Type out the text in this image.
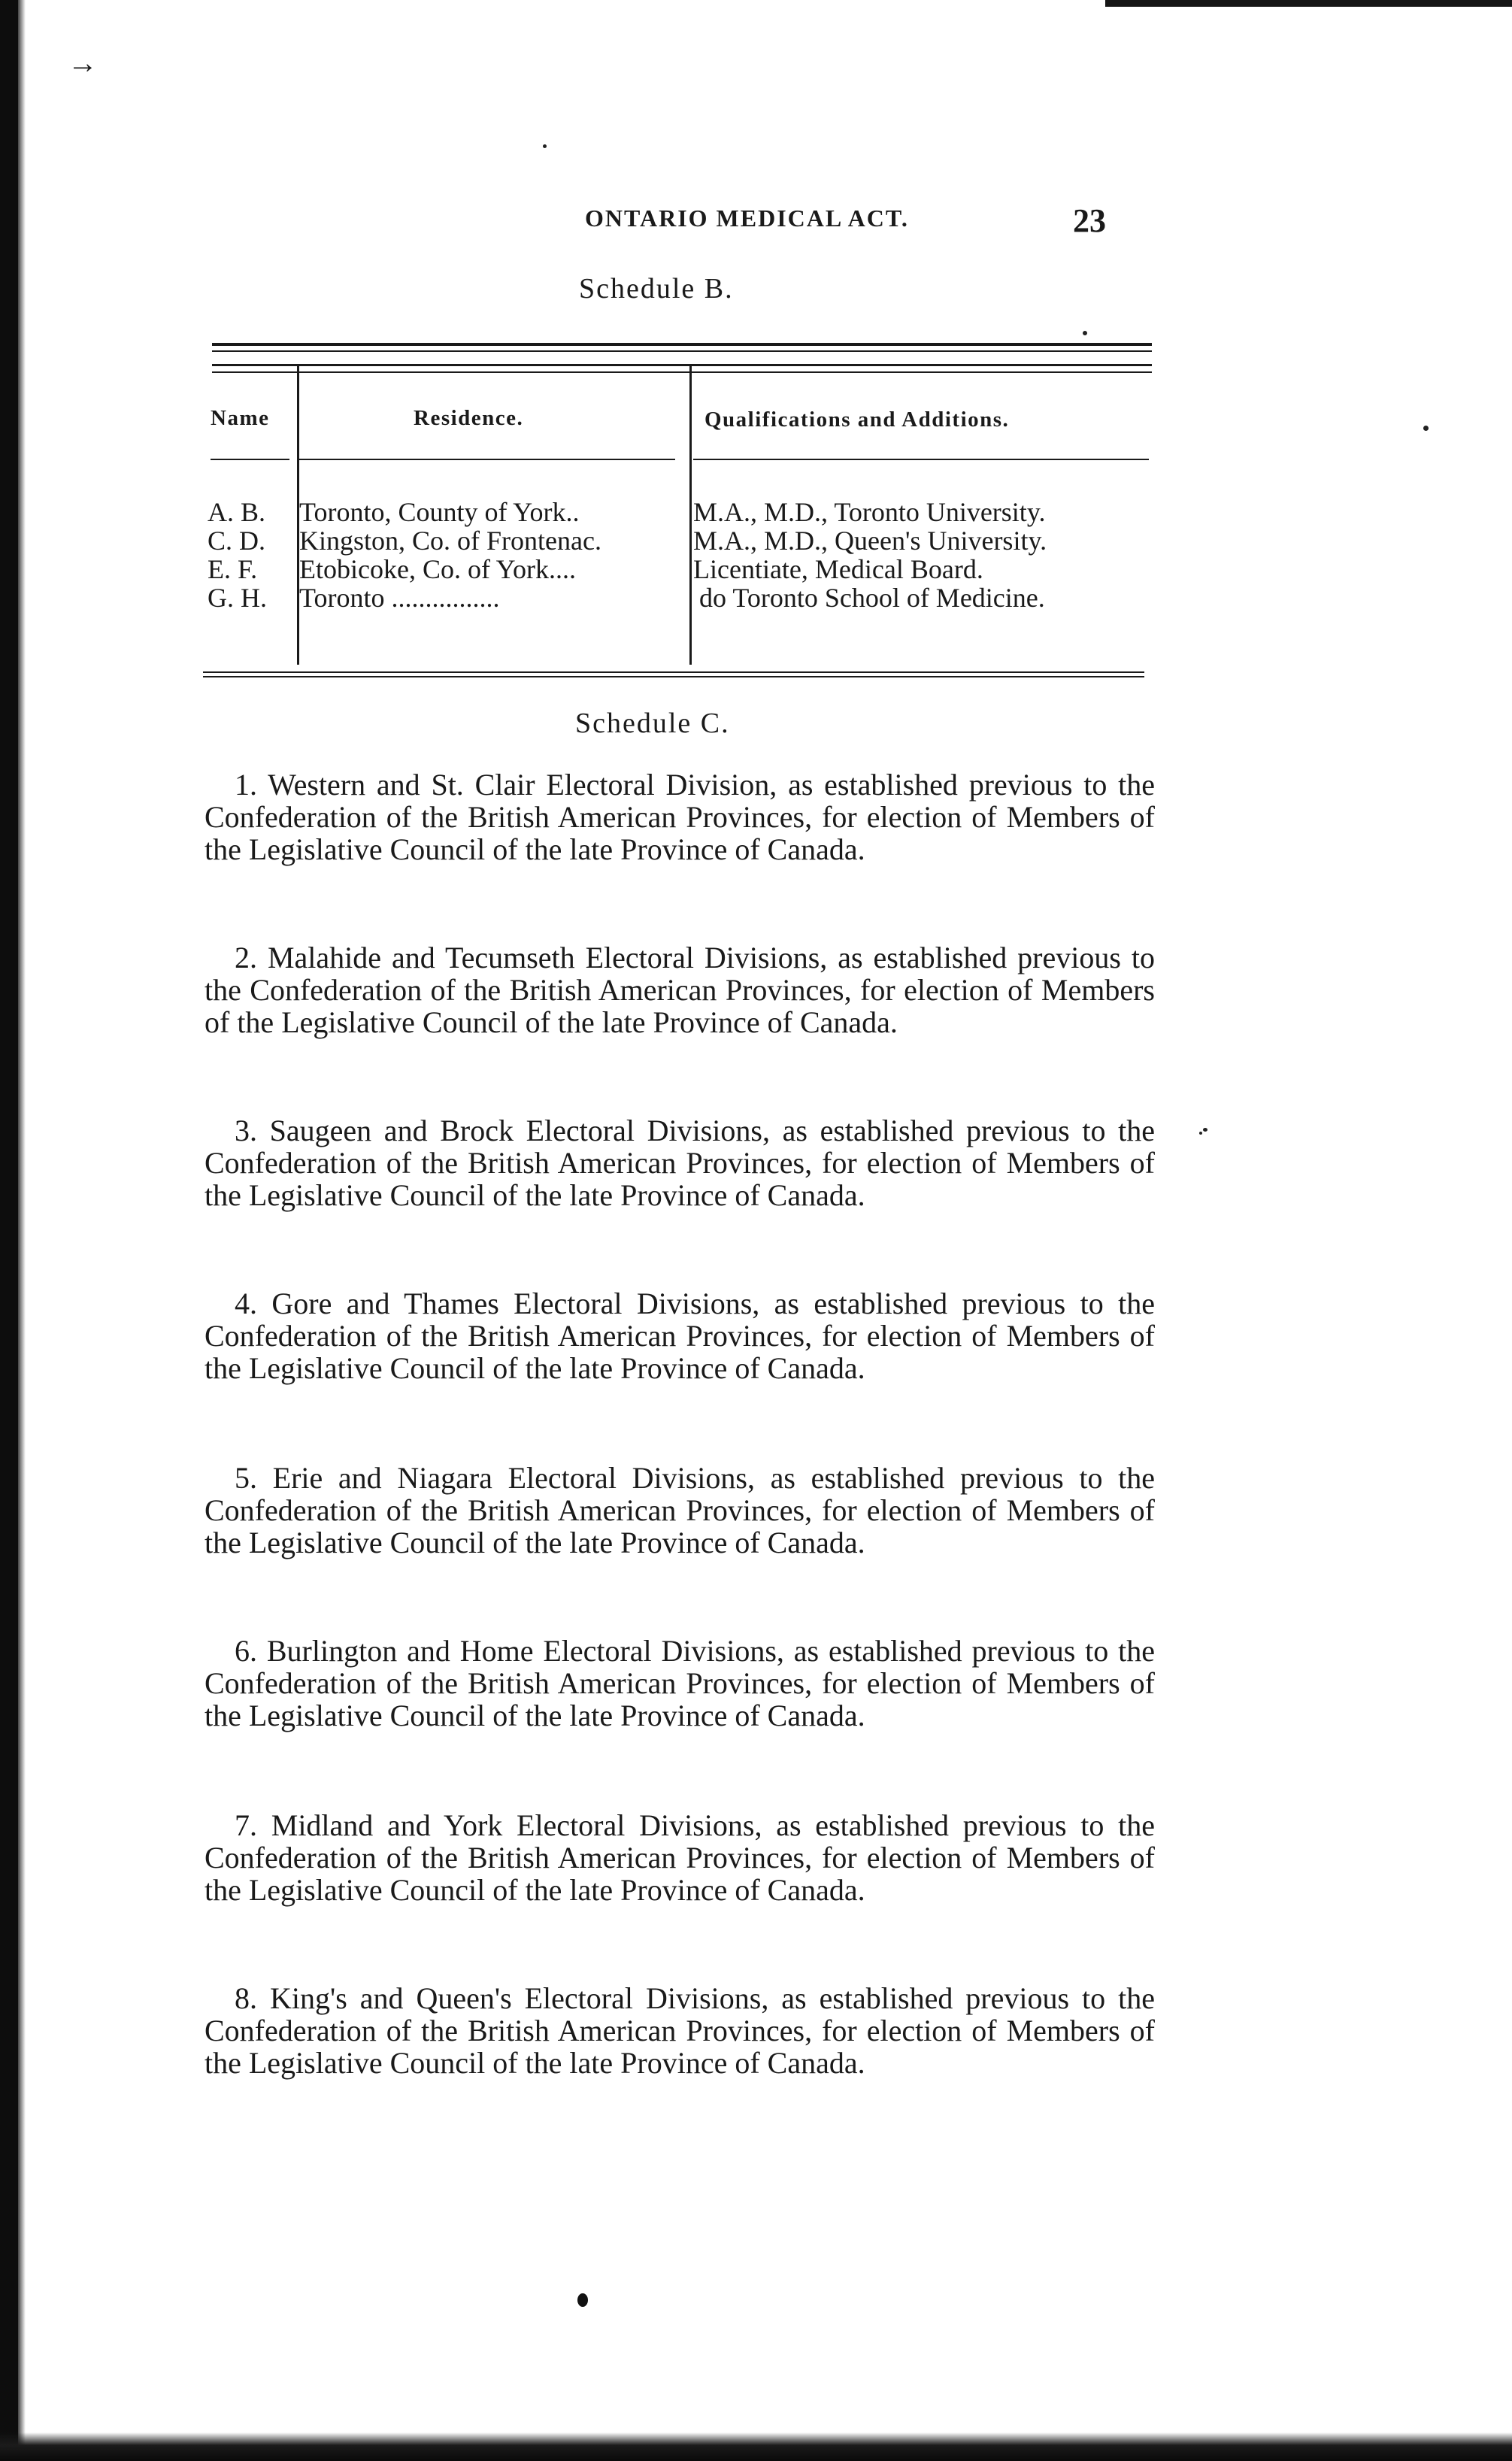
→
ONTARIO MEDICAL ACT.	23
Schedule B.
Name	Residence.	Qualifications and Additions.
A. B. Toronto, County of York..	M.A., M.D., Toronto University.
C. D. Kingston, Co. of Frontenac.	M.A., M.D., Queen's University.
E. F. Etobicoke, Co. of York....	Licentiate, Medical Board.
G. H. Toronto ................	do Toronto School of Medicine.
Schedule C.
1. Western and St. Clair Electoral Division, as established previous to the Confederation of the British American Provinces, for election of Members of the Legislative Council of the late Province of Canada.
2. Malahide and Tecumseth Electoral Divisions, as established previous to the Confederation of the British American Provinces, for election of Members of the Legislative Council of the late Province of Canada.
3. Saugeen and Brock Electoral Divisions, as established previous to the Confederation of the British American Provinces, for election of Members of the Legislative Council of the late Province of Canada.
4. Gore and Thames Electoral Divisions, as established previous to the Confederation of the British American Provinces, for election of Members of the Legislative Council of the late Province of Canada.
5. Erie and Niagara Electoral Divisions, as established previous to the Confederation of the British American Provinces, for election of Members of the Legislative Council of the late Province of Canada.
6. Burlington and Home Electoral Divisions, as established previous to the Confederation of the British American Provinces, for election of Members of the Legislative Council of the late Province of Canada.
7. Midland and York Electoral Divisions, as established previous to the Confederation of the British American Provinces, for election of Members of the Legislative Council of the late Province of Canada.
8. King's and Queen's Electoral Divisions, as established previous to the Confederation of the British American Provinces, for election of Members of the Legislative Council of the late Province of Canada.
